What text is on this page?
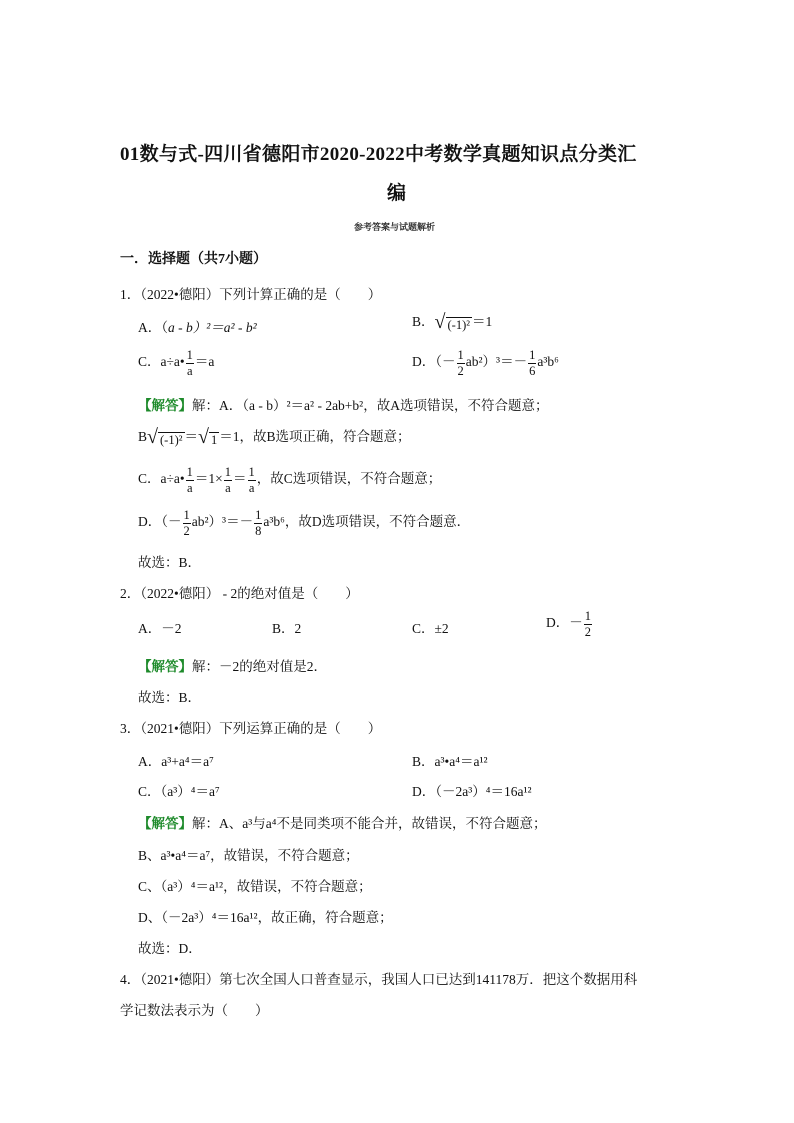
01数与式-四川省德阳市2020-2022中考数学真题知识点分类汇
编
参考答案与试题解析
一．选择题（共7小题）
1．（2022•德阳）下列计算正确的是（　　）
A．（a - b）²＝a² - b²	B．√ (-1)² ＝1
C．a÷a• $\frac{1}{a} =a$	D．（－ $\frac{1}{2} ab^2)^3=- \frac{1}{6} a^3b^6$
【解答】解：A．（a - b）²＝a² - 2ab+b²，故A选项错误，不符合题意；
B√ (-1)² ＝√ 1 ＝1，故B选项正确，符合题意；
C．a÷a• $\frac{1}{a} =1\times \frac{1}{a} = \frac{1}{a}$ ，故C选项错误，不符合题意；
D．（－ $\frac{1}{2} ab^2)^3=- \frac{1}{8} a^3b^6$，故D选项错误，不符合题意．
故选：B．
2．（2022•德阳） - 2的绝对值是（　　）
A．－2	B．2	C．±2	D．－ $\frac{1}{2}$
【解答】解：－2的绝对值是2．
故选：B．
3．（2021•德阳）下列运算正确的是（　　）
A．a³+a⁴＝a⁷	B．a³•a⁴＝a¹²
C．（a³）⁴＝a⁷	D．（－2a³）⁴＝16a¹²
【解答】解：A、a³与a⁴不是同类项不能合并，故错误，不符合题意；
B、a³•a⁴＝a⁷，故错误，不符合题意；
C、（a³）⁴＝a¹²，故错误，不符合题意；
D、（－2a³）⁴＝16a¹²，故正确，符合题意；
故选：D．
4．（2021•德阳）第七次全国人口普查显示，我国人口已达到141178万．把这个数据用科
学记数法表示为（　　）
